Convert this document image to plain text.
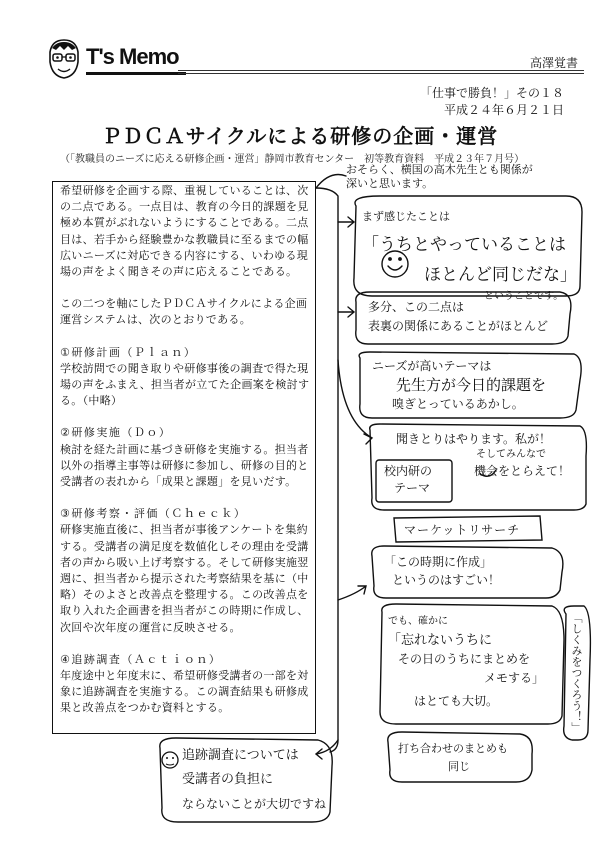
T's Memo	高澤覚書
「仕事で勝負！」その１８
平成２４年６月２１日
ＰＤＣＡサイクルによる研修の企画・運営
（「教職員のニーズに応える研修企画・運営」静岡市教育センター　初等教育資料　平成２３年７月号）

希望研修を企画する際、重視していることは、次の二点である。一点目は、教育の今日的課題を見極め本質がぶれないようにすることである。二点目は、若手から経験豊かな教職員に至るまでの幅広いニーズに対応できる内容にする、いわゆる現場の声をよく聞きその声に応えることである。

この二つを軸にしたＰＤＣＡサイクルによる企画運営システムは、次のとおりである。

①研修計画（Ｐｌａｎ）
学校訪問での聞き取りや研修事後の調査で得た現場の声をふまえ、担当者が立てた企画案を検討する。（中略）

②研修実施（Ｄｏ）
検討を経た計画に基づき研修を実施する。担当者以外の指導主事等は研修に参加し、研修の目的と受講者の表れから「成果と課題」を見いだす。

③研修考察・評価（Ｃｈｅｃｋ）
研修実施直後に、担当者が事後アンケートを集約する。受講者の満足度を数値化しその理由を受講者の声から吸い上げ考察する。そして研修実施翌週に、担当者から提示された考察結果を基に（中略）そのよさと改善点を整理する。この改善点を取り入れた企画書を担当者がこの時期に作成し、次回や次年度の運営に反映させる。

④追跡調査（Ａｃｔｉｏｎ）
年度途中と年度末に、希望研修受講者の一部を対象に追跡調査を実施する。この調査結果も研修成果と改善点をつかむ資料とする。

おそらく、横国の高木先生とも関係が
深いと思います。
まず感じたことは
「うちとやっていることは
ほとんど同じだな」
ということです。
多分、この二点は
表裏の関係にあることがほとんど
ニーズが高いテーマは
先生方が今日的課題を
嗅ぎとっているあかし。
聞きとりはやります。私が！
そしてみんなで
機会をとらえて！
校内研の
テーマ
マーケットリサーチ
「この時期に作成」
というのはすごい！
でも、確かに
「忘れないうちに
その日のうちにまとめを
メモする」
はとても大切。	「しくみをつくろう！」
打ち合わせのまとめも
同じ
追跡調査については
受講者の負担に
ならないことが大切ですね
